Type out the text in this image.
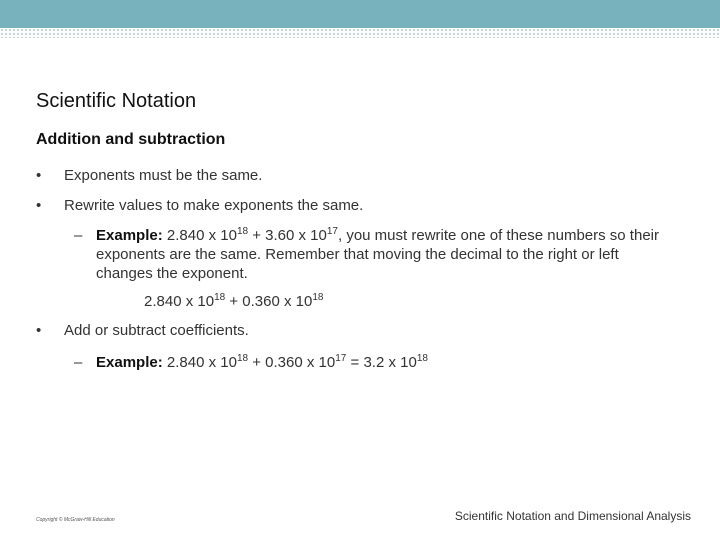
Scientific Notation
Addition and subtraction
• Exponents must be the same.
• Rewrite values to make exponents the same.
– Example: 2.840 x $10^{18} + 3.60$ x $10^{17}$, you must rewrite one of these numbers so their exponents are the same. Remember that moving the decimal to the right or left changes the exponent.
2.840 x $10^{18} + 0.360$ x $10^{18}$
• Add or subtract coefficients.
– Example: 2.840 x $10^{18} + 0.360$ x $10^{17} = 3.2$ x $10^{18}$
Copyright © McGraw-Hill Education	Scientific Notation and Dimensional Analysis
